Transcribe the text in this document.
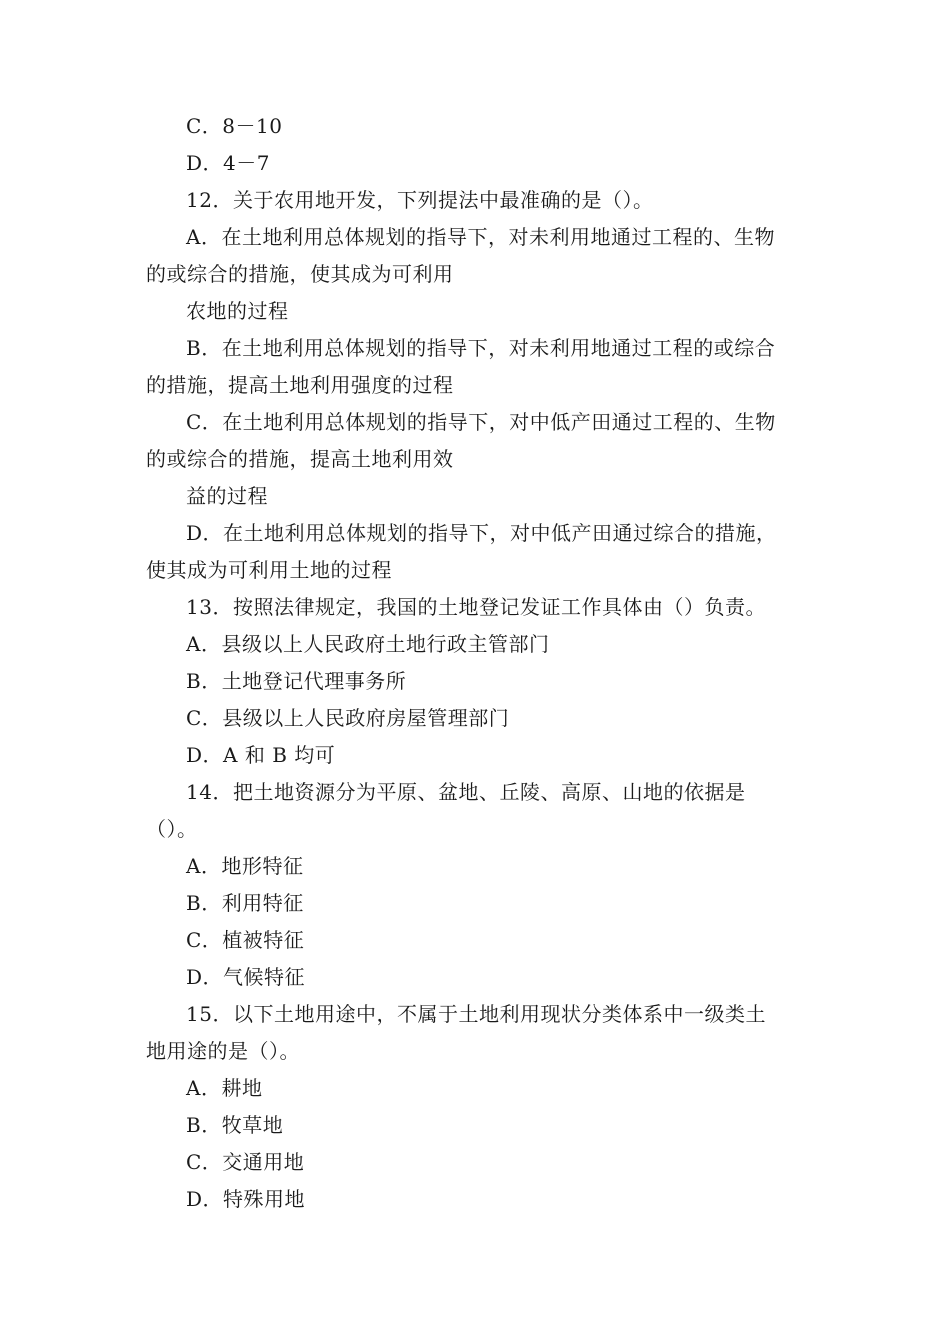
C．8－10
D．4－7
12．关于农用地开发，下列提法中最准确的是（）。
A．在土地利用总体规划的指导下，对未利用地通过工程的、生物
的或综合的措施，使其成为可利用
农地的过程
B．在土地利用总体规划的指导下，对未利用地通过工程的或综合
的措施，提高土地利用强度的过程
C．在土地利用总体规划的指导下，对中低产田通过工程的、生物
的或综合的措施，提高土地利用效
益的过程
D．在土地利用总体规划的指导下，对中低产田通过综合的措施，
使其成为可利用土地的过程
13．按照法律规定，我国的土地登记发证工作具体由（）负责。
A．县级以上人民政府土地行政主管部门
B．土地登记代理事务所
C．县级以上人民政府房屋管理部门
D．A 和 B 均可
14．把土地资源分为平原、盆地、丘陵、高原、山地的依据是
（）。
A．地形特征
B．利用特征
C．植被特征
D．气候特征
15．以下土地用途中，不属于土地利用现状分类体系中一级类土
地用途的是（）。
A．耕地
B．牧草地
C．交通用地
D．特殊用地
